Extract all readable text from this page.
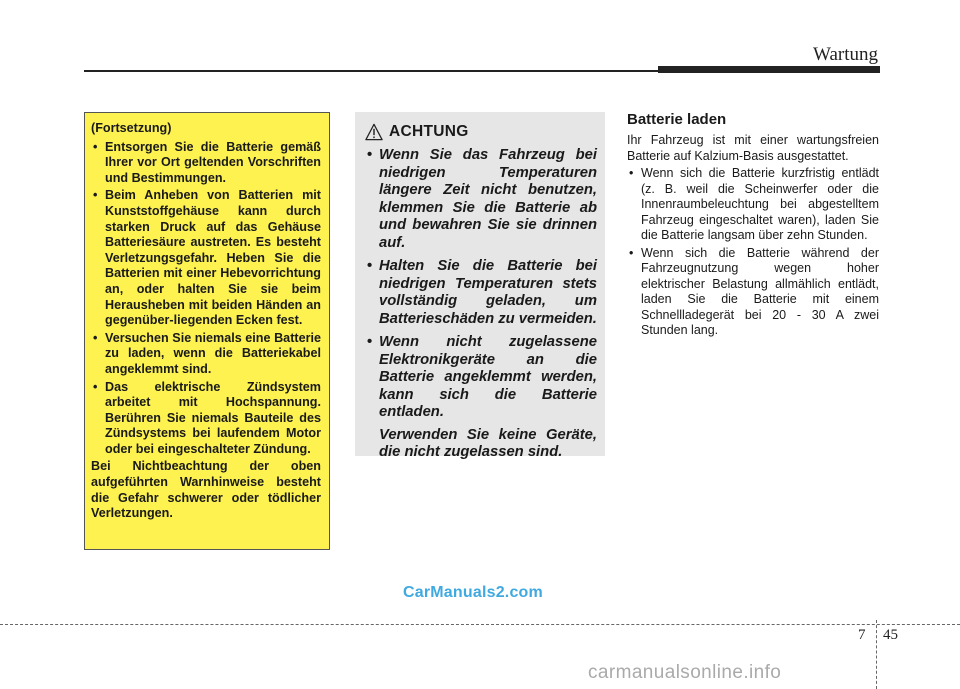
Wartung

(Fortsetzung)

• Entsorgen Sie die Batterie gemäß Ihrer vor Ort geltenden Vorschriften und Bestimmungen.
• Beim Anheben von Batterien mit Kunststoffgehäuse kann durch starken Druck auf das Gehäuse Batteriesäure austreten. Es besteht Verletzungsgefahr. Heben Sie die Batterien mit einer Hebevorrichtung an, oder halten Sie sie beim Herausheben mit beiden Händen an gegenüber-liegenden Ecken fest.
• Versuchen Sie niemals eine Batterie zu laden, wenn die Batteriekabel angeklemmt sind.
• Das elektrische Zündsystem arbeitet mit Hochspannung. Berühren Sie niemals Bauteile des Zündsystems bei laufendem Motor oder bei eingeschalteter Zündung.

Bei Nichtbeachtung der oben aufgeführten Warnhinweise besteht die Gefahr schwerer oder tödlicher Verletzungen.

ACHTUNG
• Wenn Sie das Fahrzeug bei niedrigen Temperaturen längere Zeit nicht benutzen, klemmen Sie die Batterie ab und bewahren Sie sie drinnen auf.
• Halten Sie die Batterie bei niedrigen Temperaturen stets vollständig geladen, um Batterieschäden zu vermeiden.
• Wenn nicht zugelassene Elektronikgeräte an die Batterie angeklemmt werden, kann sich die Batterie entladen.
Verwenden Sie keine Geräte, die nicht zugelassen sind.
Batterie laden

Ihr Fahrzeug ist mit einer wartungsfreien Batterie auf Kalzium-Basis ausgestattet.

• Wenn sich die Batterie kurzfristig entlädt (z. B. weil die Scheinwerfer oder die Innenraumbeleuchtung bei abgestelltem Fahrzeug eingeschaltet waren), laden Sie die Batterie langsam über zehn Stunden.
• Wenn sich die Batterie während der Fahrzeugnutzung wegen hoher elektrischer Belastung allmählich entlädt, laden Sie die Batterie mit einem Schnellladegerät bei 20 - 30 A zwei Stunden lang.
CarManuals2.com
7 45
carmanualsonline.info
